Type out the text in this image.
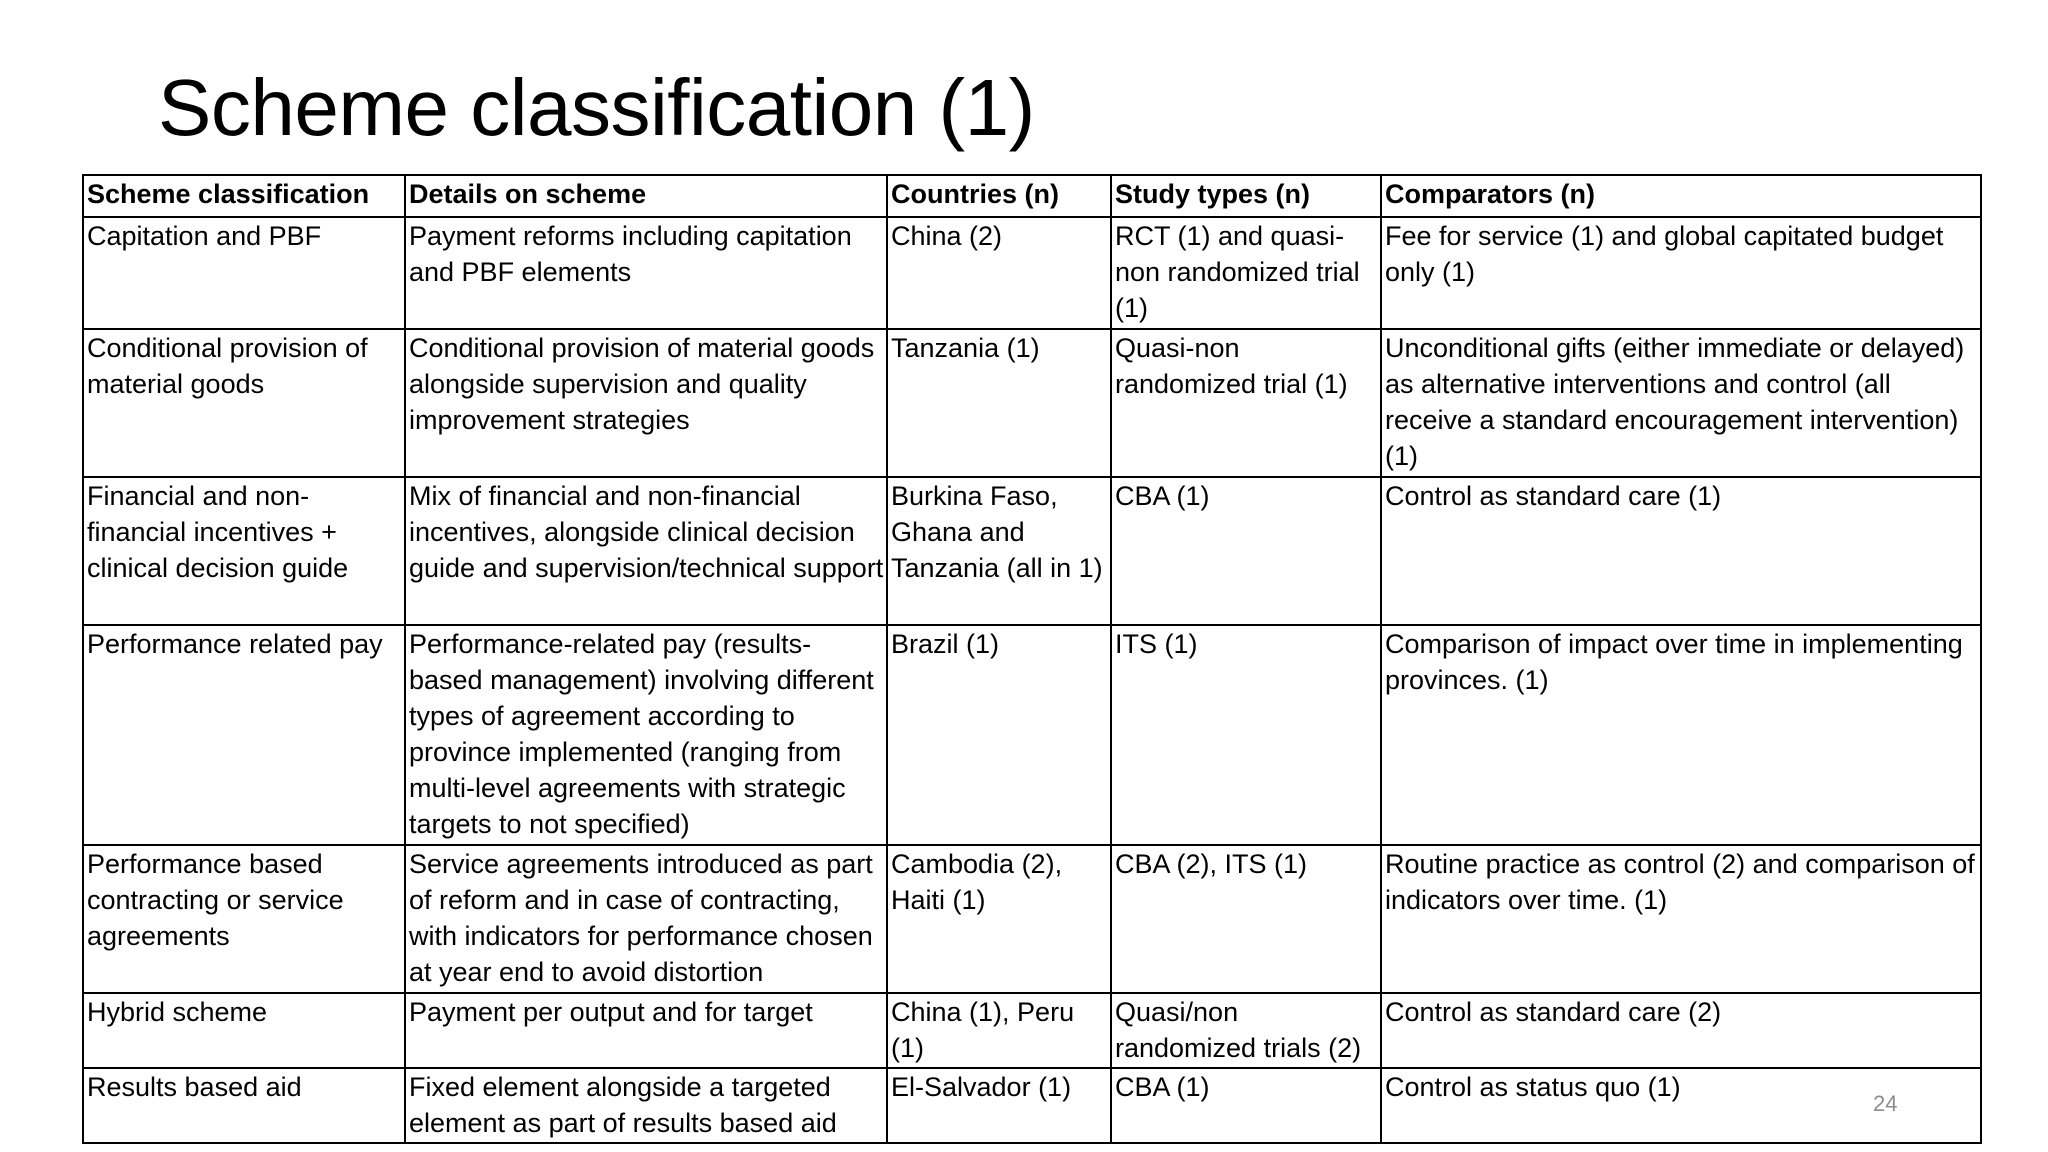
Scheme classification (1)
Scheme classification	Details on scheme	Countries (n)	Study types (n)	Comparators (n)
Capitation and PBF	Payment reforms including capitation and PBF elements	China (2)	RCT (1) and quasi-non randomized trial (1)	Fee for service (1) and global capitated budget only (1)
Conditional provision of material goods	Conditional provision of material goods alongside supervision and quality improvement strategies	Tanzania (1)	Quasi-non randomized trial (1)	Unconditional gifts (either immediate or delayed) as alternative interventions and control (all receive a standard encouragement intervention) (1)
Financial and non-financial incentives + clinical decision guide	Mix of financial and non-financial incentives, alongside clinical decision guide and supervision/technical support	Burkina Faso, Ghana and Tanzania (all in 1)	CBA (1)	Control as standard care (1)
Performance related pay	Performance-related pay (results-based management) involving different types of agreement according to province implemented (ranging from multi-level agreements with strategic targets to not specified)	Brazil (1)	ITS (1)	Comparison of impact over time in implementing provinces. (1)
Performance based contracting or service agreements	Service agreements introduced as part of reform and in case of contracting, with indicators for performance chosen at year end to avoid distortion	Cambodia (2), Haiti (1)	CBA (2), ITS (1)	Routine practice as control (2) and comparison of indicators over time. (1)
Hybrid scheme	Payment per output and for target	China (1), Peru (1)	Quasi/non randomized trials (2)	Control as standard care (2)
Results based aid	Fixed element alongside a targeted element as part of results based aid	El-Salvador (1)	CBA (1)	Control as status quo (1)
24
